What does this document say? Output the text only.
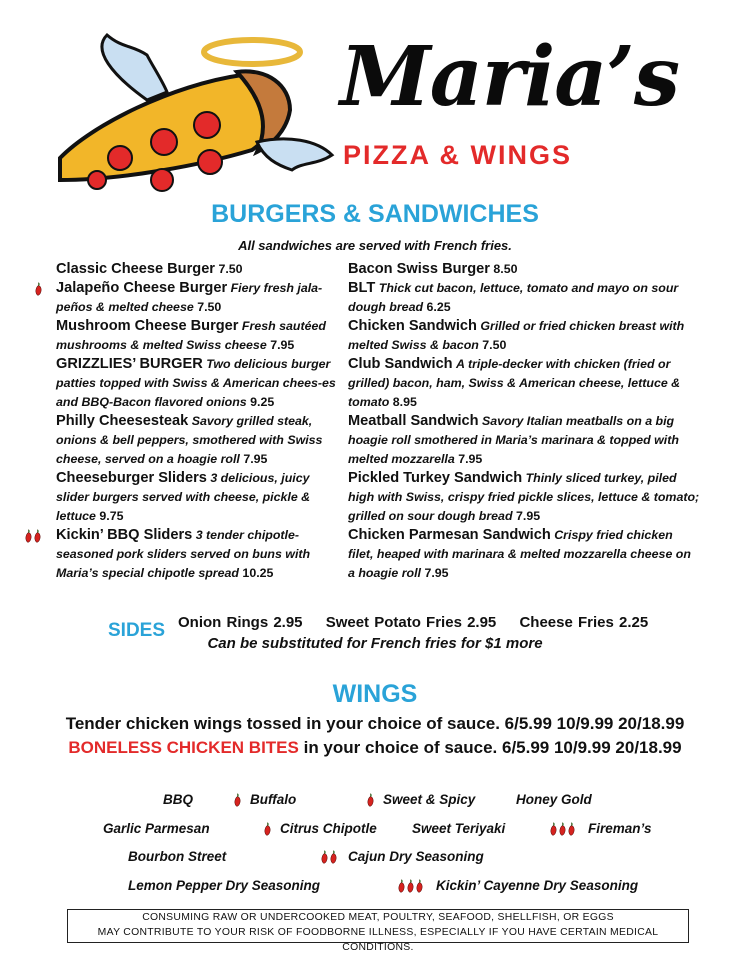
Maria’s
PIZZA & WINGS
BURGERS & SANDWICHES
All sandwiches are served with French fries.

Classic Cheese Burger 7.50

Jalapeño Cheese Burger Fiery fresh jala-peños & melted cheese 7.50

Mushroom Cheese Burger Fresh sautéed mushrooms & melted Swiss cheese 7.95

GRIZZLIES’ BURGER Two delicious burger patties topped with Swiss & American chees-es and BBQ-Bacon flavored onions 9.25

Philly Cheesesteak Savory grilled steak, onions & bell peppers, smothered with Swiss cheese, served on a hoagie roll 7.95

Cheeseburger Sliders 3 delicious, juicy slider burgers served with cheese, pickle & lettuce 9.75

Kickin’ BBQ Sliders 3 tender chipotle-seasoned pork sliders served on buns with Maria’s special chipotle spread 10.25

Bacon Swiss Burger 8.50

BLT Thick cut bacon, lettuce, tomato and mayo on sour dough bread 6.25

Chicken Sandwich Grilled or fried chicken breast with melted Swiss & bacon 7.50

Club Sandwich A triple-decker with chicken (fried or grilled) bacon, ham, Swiss & American cheese, lettuce & tomato 8.95

Meatball Sandwich Savory Italian meatballs on a big hoagie roll smothered in Maria’s marinara & topped with melted mozzarella 7.95

Pickled Turkey Sandwich Thinly sliced turkey, piled high with Swiss, crispy fried pickle slices, lettuce & tomato; grilled on sour dough bread 7.95

Chicken Parmesan Sandwich Crispy fried chicken filet, heaped with marinara & melted mozzarella cheese on a hoagie roll 7.95

SIDES Onion Rings 2.95 Sweet Potato Fries 2.95 Cheese Fries 2.25
Can be substituted for French fries for $1 more
WINGS
Tender chicken wings tossed in your choice of sauce. 6/5.99 10/9.99 20/18.99
BONELESS CHICKEN BITES in your choice of sauce. 6/5.99 10/9.99 20/18.99
BBQ	Buffalo	Sweet & Spicy	Honey Gold
Garlic Parmesan	Citrus Chipotle	Sweet Teriyaki	Fireman’s
Bourbon Street	Cajun Dry Seasoning
Lemon Pepper Dry Seasoning	Kickin’ Cayenne Dry Seasoning
CONSUMING RAW OR UNDERCOOKED MEAT, POULTRY, SEAFOOD, SHELLFISH, OR EGGS
MAY CONTRIBUTE TO YOUR RISK OF FOODBORNE ILLNESS, ESPECIALLY IF YOU HAVE CERTAIN MEDICAL CONDITIONS.
